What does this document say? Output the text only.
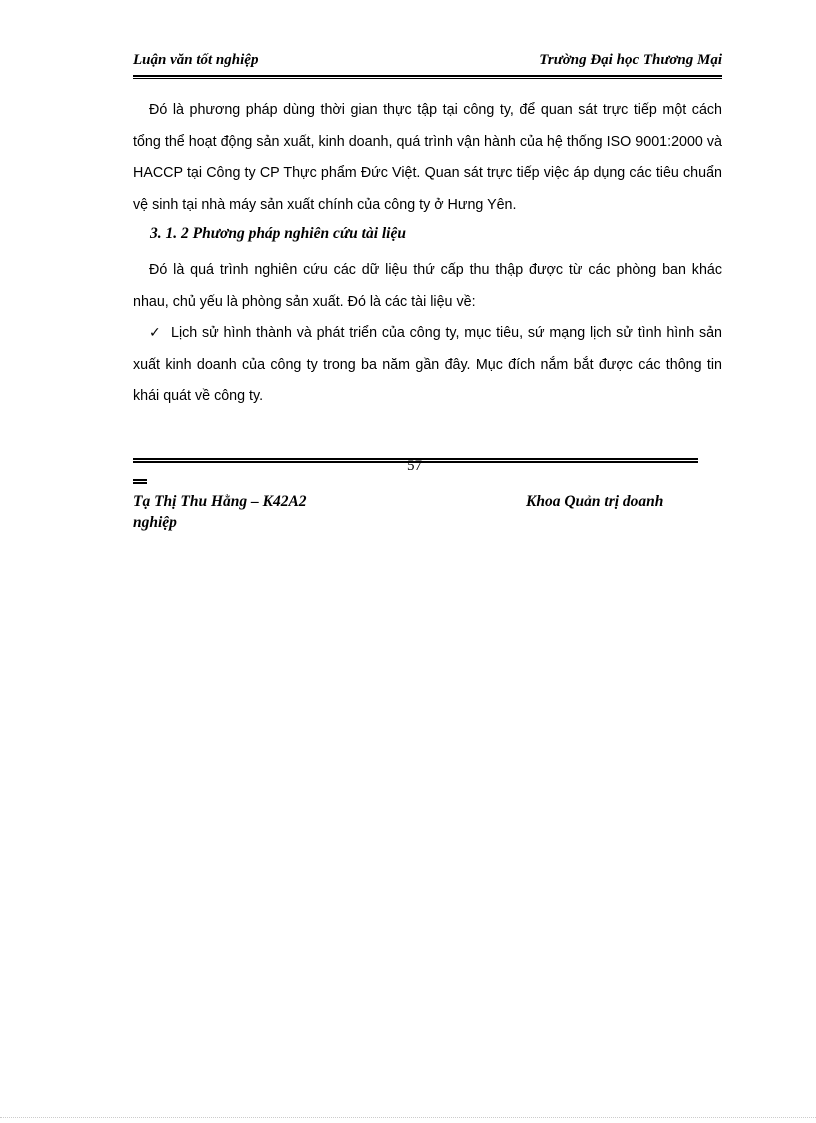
Luận văn tốt nghiệp	Trường Đại học Thương Mại
Đó là phương pháp dùng thời gian thực tập tại công ty, để quan sát trực tiếp một cách tổng thể hoạt động sản xuất, kinh doanh, quá trình vận hành của hệ thống ISO 9001:2000 và HACCP tại Công ty CP Thực phẩm Đức Việt. Quan sát trực tiếp việc áp dụng các tiêu chuẩn vệ sinh tại nhà máy sản xuất chính của công ty ở Hưng Yên.
3. 1. 2 Phương pháp nghiên cứu tài liệu
Đó là quá trình nghiên cứu các dữ liệu thứ cấp thu thập được từ các phòng ban khác nhau, chủ yếu là phòng sản xuất. Đó là các tài liệu về:
✓ Lịch sử hình thành và phát triển của công ty, mục tiêu, sứ mạng lịch sử tình hình sản xuất kinh doanh của công ty trong ba năm gần đây. Mục đích nắm bắt được các thông tin khái quát về công ty.
57
Tạ Thị Thu Hằng – K42A2	Khoa Quản trị doanh
nghiệp
